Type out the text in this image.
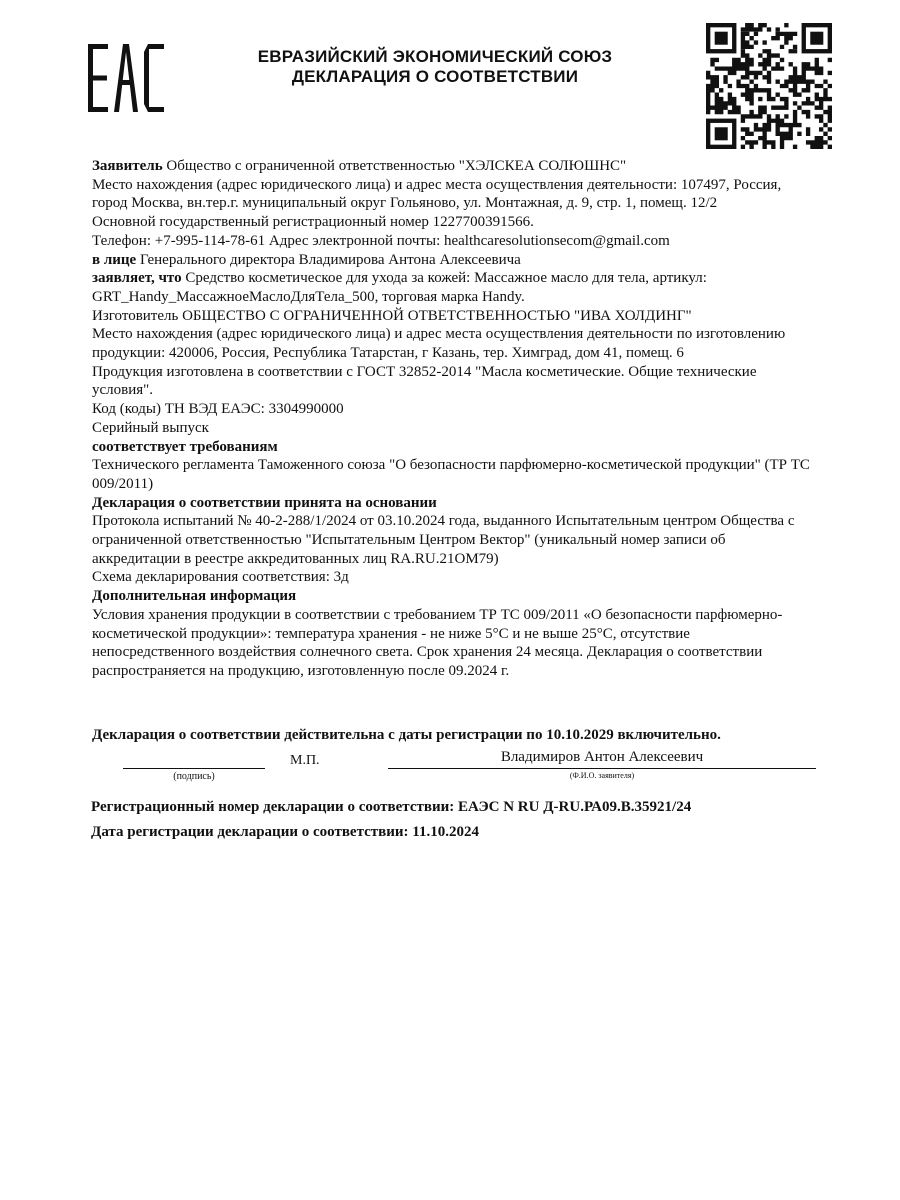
ЕВРАЗИЙСКИЙ ЭКОНОМИЧЕСКИЙ СОЮЗ
ДЕКЛАРАЦИЯ О СООТВЕТСТВИИ

Заявитель Общество с ограниченной ответственностью "ХЭЛСКЕА СОЛЮШНС"

Место нахождения (адрес юридического лица) и адрес места осуществления деятельности: 107497, Россия, город Москва, вн.тер.г. муниципальный округ Гольяново, ул. Монтажная, д. 9, стр. 1, помещ. 12/2

Основной государственный регистрационный номер 1227700391566.

Телефон: +7-995-114-78-61 Адрес электронной почты: healthcaresolutionsecom@gmail.com

в лице Генерального директора Владимирова Антона Алексеевича

заявляет, что Средство косметическое для ухода за кожей: Массажное масло для тела, артикул: GRT_Handy_МассажноеМаслоДляТела_500, торговая марка Handy.

Изготовитель ОБЩЕСТВО С ОГРАНИЧЕННОЙ ОТВЕТСТВЕННОСТЬЮ "ИВА ХОЛДИНГ"

Место нахождения (адрес юридического лица) и адрес места осуществления деятельности по изготовлению продукции: 420006, Россия, Республика Татарстан, г Казань, тер. Химград, дом 41, помещ. 6

Продукция изготовлена в соответствии с ГОСТ 32852-2014 "Масла косметические. Общие технические условия".

Код (коды) ТН ВЭД ЕАЭС: 3304990000

Серийный выпуск

соответствует требованиям

Технического регламента Таможенного союза "О безопасности парфюмерно-косметической продукции" (ТР ТС 009/2011)

Декларация о соответствии принята на основании

Протокола испытаний № 40-2-288/1/2024 от 03.10.2024 года, выданного Испытательным центром Общества с ограниченной ответственностью "Испытательным Центром Вектор" (уникальный номер записи об аккредитации в реестре аккредитованных лиц RA.RU.21ОМ79)

Схема декларирования соответствия: 3д

Дополнительная информация

Условия хранения продукции в соответствии с требованием ТР ТС 009/2011 «О безопасности парфюмерно-косметической продукции»: температура хранения - не ниже 5°С и не выше 25°С, отсутствие непосредственного воздействия солнечного света. Срок хранения 24 месяца. Декларация о соответствии распространяется на продукцию, изготовленную после 09.2024 г.

Декларация о соответствии действительна с даты регистрации по 10.10.2029 включительно.
(подпись)
М.П.	Владимиров Антон Алексеевич
(Ф.И.О. заявителя)
Регистрационный номер декларации о соответствии: ЕАЭС N RU Д-RU.РА09.В.35921/24
Дата регистрации декларации о соответствии: 11.10.2024
